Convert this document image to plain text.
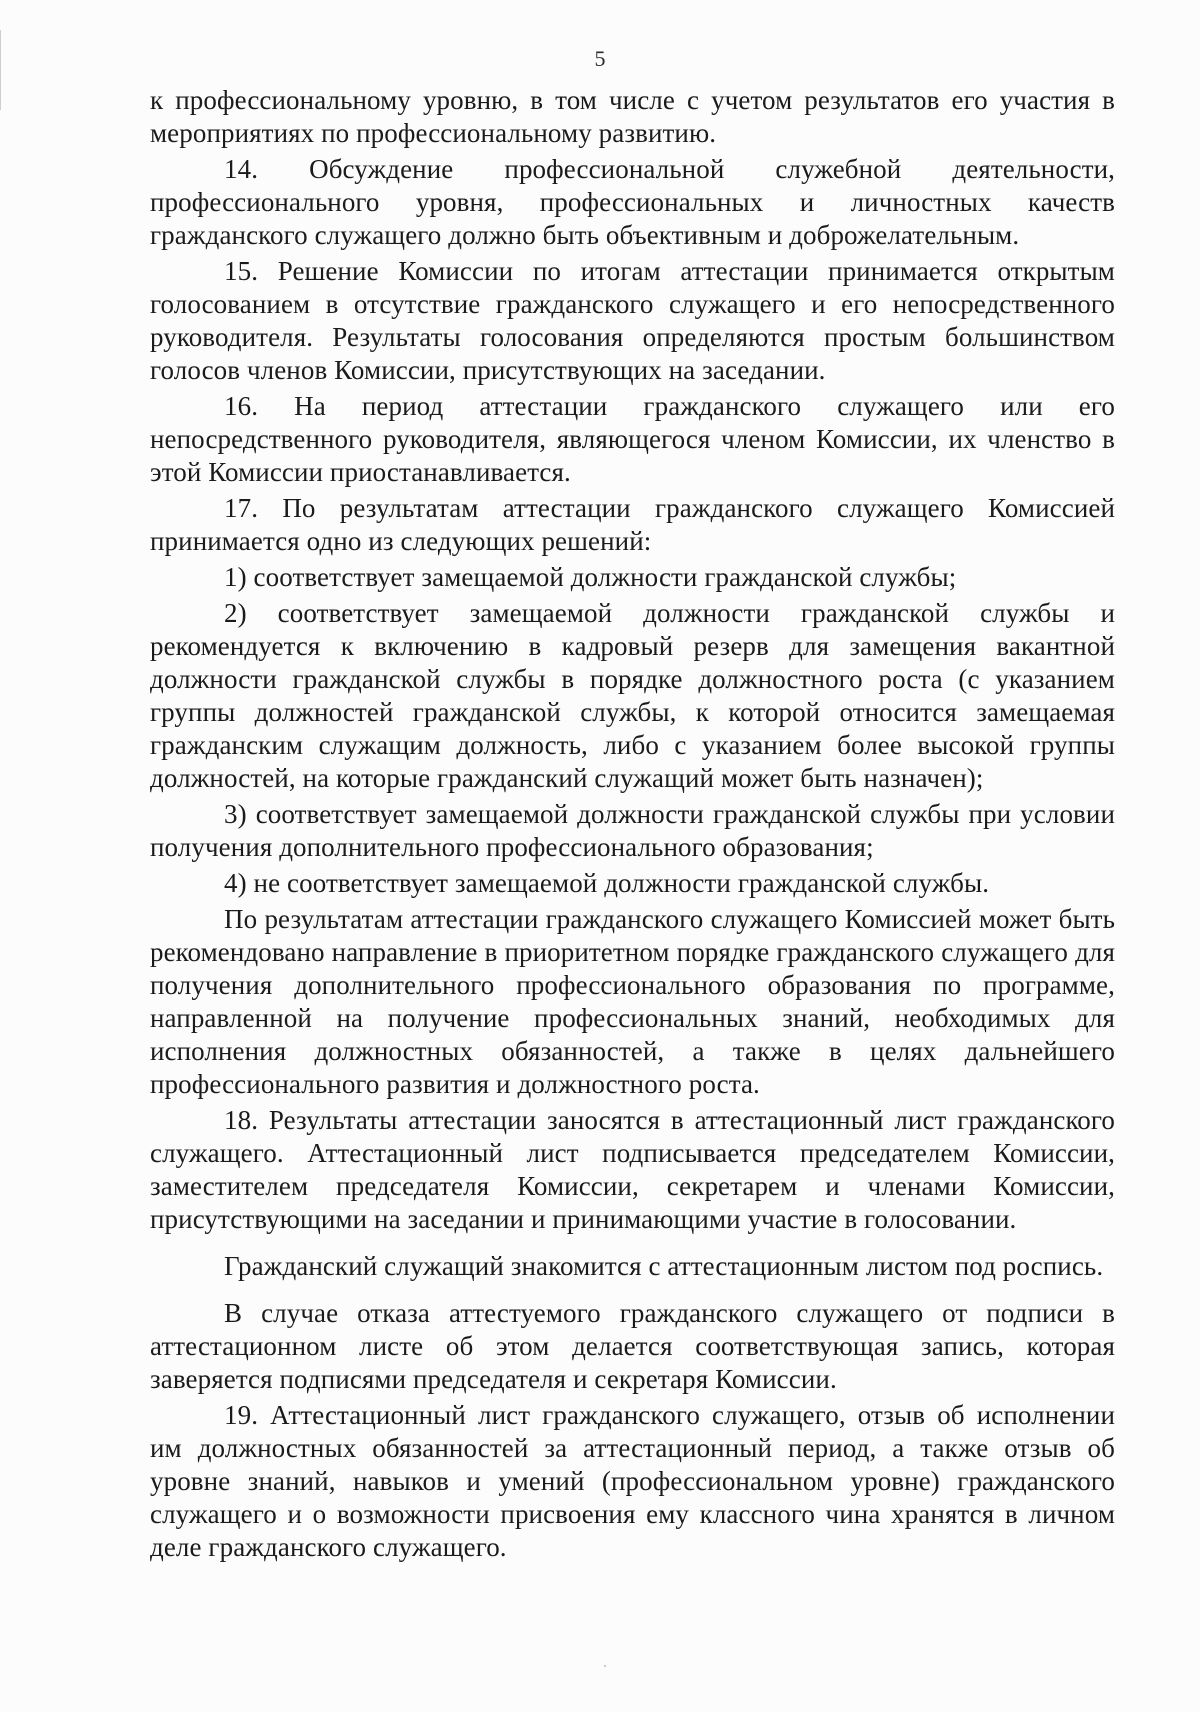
5

к профессиональному уровню, в том числе с учетом результатов его участия в мероприятиях по профессиональному развитию.

14. Обсуждение профессиональной служебной деятельности, профессионального уровня, профессиональных и личностных качеств гражданского служащего должно быть объективным и доброжелательным.

15. Решение Комиссии по итогам аттестации принимается открытым голосованием в отсутствие гражданского служащего и его непосредственного руководителя. Результаты голосования определяются простым большинством голосов членов Комиссии, присутствующих на заседании.

16. На период аттестации гражданского служащего или его непосредственного руководителя, являющегося членом Комиссии, их членство в этой Комиссии приостанавливается.

17. По результатам аттестации гражданского служащего Комиссией принимается одно из следующих решений:

1) соответствует замещаемой должности гражданской службы;

2) соответствует замещаемой должности гражданской службы и рекомендуется к включению в кадровый резерв для замещения вакантной должности гражданской службы в порядке должностного роста (с указанием группы должностей гражданской службы, к которой относится замещаемая гражданским служащим должность, либо с указанием более высокой группы должностей, на которые гражданский служащий может быть назначен);

3) соответствует замещаемой должности гражданской службы при условии получения дополнительного профессионального образования;

4) не соответствует замещаемой должности гражданской службы.

По результатам аттестации гражданского служащего Комиссией может быть рекомендовано направление в приоритетном порядке гражданского служащего для получения дополнительного профессионального образования по программе, направленной на получение профессиональных знаний, необходимых для исполнения должностных обязанностей, а также в целях дальнейшего профессионального развития и должностного роста.

18. Результаты аттестации заносятся в аттестационный лист гражданского служащего. Аттестационный лист подписывается председателем Комиссии, заместителем председателя Комиссии, секретарем и членами Комиссии, присутствующими на заседании и принимающими участие в голосовании.

Гражданский служащий знакомится с аттестационным листом под роспись.

В случае отказа аттестуемого гражданского служащего от подписи в аттестационном листе об этом делается соответствующая запись, которая заверяется подписями председателя и секретаря Комиссии.

19. Аттестационный лист гражданского служащего, отзыв об исполнении им должностных обязанностей за аттестационный период, а также отзыв об уровне знаний, навыков и умений (профессиональном уровне) гражданского служащего и о возможности присвоения ему классного чина хранятся в личном деле гражданского служащего.
